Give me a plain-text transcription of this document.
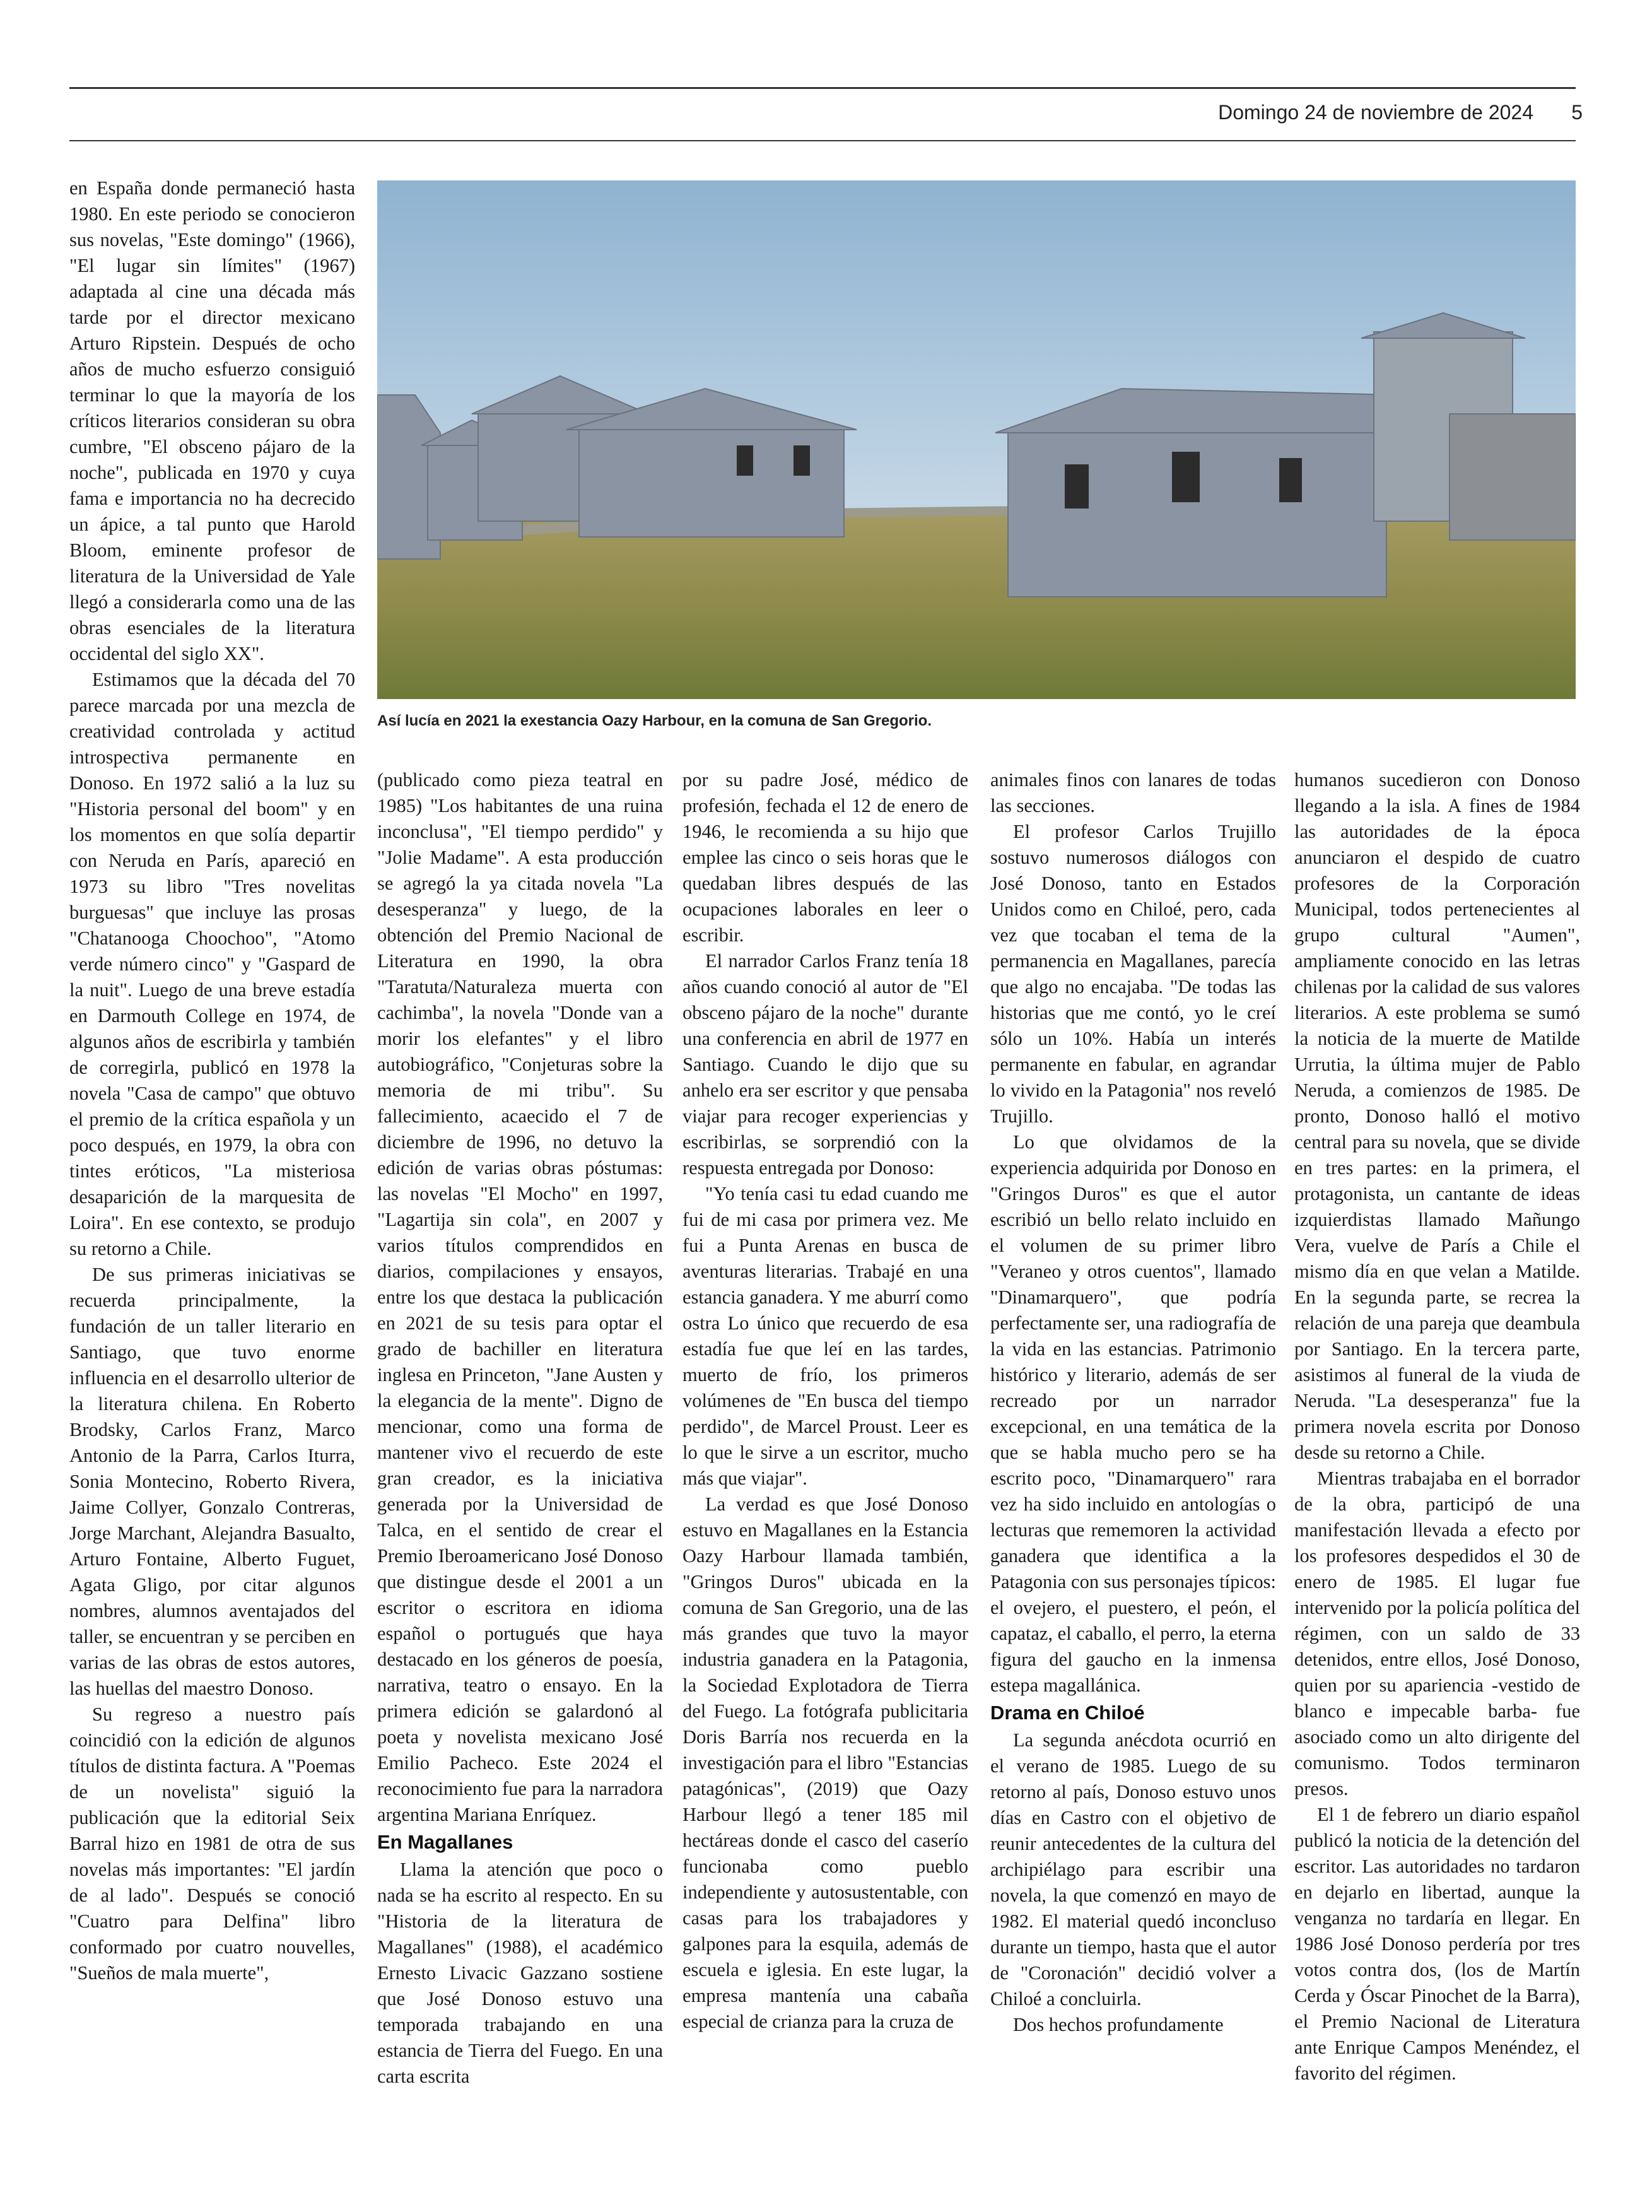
Domingo 24 de noviembre de 2024	5

en España donde permaneció hasta 1980. En este periodo se conocieron sus novelas, "Este domingo" (1966), "El lugar sin límites" (1967) adaptada al cine una década más tarde por el director mexicano Arturo Ripstein. Después de ocho años de mucho esfuerzo consiguió terminar lo que la mayoría de los críticos literarios consideran su obra cumbre, "El obsceno pájaro de la noche", publicada en 1970 y cuya fama e importancia no ha decrecido un ápice, a tal punto que Harold Bloom, eminente profesor de literatura de la Universidad de Yale llegó a considerarla como una de las obras esenciales de la literatura occidental del siglo XX".

Estimamos que la década del 70 parece marcada por una mezcla de creatividad controlada y actitud introspectiva permanente en Donoso. En 1972 salió a la luz su "Historia personal del boom" y en los momentos en que solía departir con Neruda en París, apareció en 1973 su libro "Tres novelitas burguesas" que incluye las prosas "Chatanooga Choochoo", "Atomo verde número cinco" y "Gaspard de la nuit". Luego de una breve estadía en Darmouth College en 1974, de algunos años de escribirla y también de corregirla, publicó en 1978 la novela "Casa de campo" que obtuvo el premio de la crítica española y un poco después, en 1979, la obra con tintes eróticos, "La misteriosa desaparición de la marquesita de Loira". En ese contexto, se produjo su retorno a Chile.

De sus primeras iniciativas se recuerda principalmente, la fundación de un taller literario en Santiago, que tuvo enorme influencia en el desarrollo ulterior de la literatura chilena. En Roberto Brodsky, Carlos Franz, Marco Antonio de la Parra, Carlos Iturra, Sonia Montecino, Roberto Rivera, Jaime Collyer, Gonzalo Contreras, Jorge Marchant, Alejandra Basualto, Arturo Fontaine, Alberto Fuguet, Agata Gligo, por citar algunos nombres, alumnos aventajados del taller, se encuentran y se perciben en varias de las obras de estos autores, las huellas del maestro Donoso.

Su regreso a nuestro país coincidió con la edición de algunos títulos de distinta factura. A "Poemas de un novelista" siguió la publicación que la editorial Seix Barral hizo en 1981 de otra de sus novelas más importantes: "El jardín de al lado". Después se conoció "Cuatro para Delfina" libro conformado por cuatro nouvelles, "Sueños de mala muerte",

Así lucía en 2021 la exestancia Oazy Harbour, en la comuna de San Gregorio.

(publicado como pieza teatral en 1985) "Los habitantes de una ruina inconclusa", "El tiempo perdido" y "Jolie Madame". A esta producción se agregó la ya citada novela "La desesperanza" y luego, de la obtención del Premio Nacional de Literatura en 1990, la obra "Taratuta/Naturaleza muerta con cachimba", la novela "Donde van a morir los elefantes" y el libro autobiográfico, "Conjeturas sobre la memoria de mi tribu". Su fallecimiento, acaecido el 7 de diciembre de 1996, no detuvo la edición de varias obras póstumas: las novelas "El Mocho" en 1997, "Lagartija sin cola", en 2007 y varios títulos comprendidos en diarios, compilaciones y ensayos, entre los que destaca la publicación en 2021 de su tesis para optar el grado de bachiller en literatura inglesa en Princeton, "Jane Austen y la elegancia de la mente". Digno de mencionar, como una forma de mantener vivo el recuerdo de este gran creador, es la iniciativa generada por la Universidad de Talca, en el sentido de crear el Premio Iberoamericano José Donoso que distingue desde el 2001 a un escritor o escritora en idioma español o portugués que haya destacado en los géneros de poesía, narrativa, teatro o ensayo. En la primera edición se galardonó al poeta y novelista mexicano José Emilio Pacheco. Este 2024 el reconocimiento fue para la narradora argentina Mariana Enríquez.

En Magallanes

Llama la atención que poco o nada se ha escrito al respecto. En su "Historia de la literatura de Magallanes" (1988), el académico Ernesto Livacic Gazzano sostiene que José Donoso estuvo una temporada trabajando en una estancia de Tierra del Fuego. En una carta escrita

por su padre José, médico de profesión, fechada el 12 de enero de 1946, le recomienda a su hijo que emplee las cinco o seis horas que le quedaban libres después de las ocupaciones laborales en leer o escribir.

El narrador Carlos Franz tenía 18 años cuando conoció al autor de "El obsceno pájaro de la noche" durante una conferencia en abril de 1977 en Santiago. Cuando le dijo que su anhelo era ser escritor y que pensaba viajar para recoger experiencias y escribirlas, se sorprendió con la respuesta entregada por Donoso:

"Yo tenía casi tu edad cuando me fui de mi casa por primera vez. Me fui a Punta Arenas en busca de aventuras literarias. Trabajé en una estancia ganadera. Y me aburrí como ostra Lo único que recuerdo de esa estadía fue que leí en las tardes, muerto de frío, los primeros volúmenes de "En busca del tiempo perdido", de Marcel Proust. Leer es lo que le sirve a un escritor, mucho más que viajar".

La verdad es que José Donoso estuvo en Magallanes en la Estancia Oazy Harbour llamada también, "Gringos Duros" ubicada en la comuna de San Gregorio, una de las más grandes que tuvo la mayor industria ganadera en la Patagonia, la Sociedad Explotadora de Tierra del Fuego. La fotógrafa publicitaria Doris Barría nos recuerda en la investigación para el libro "Estancias patagónicas", (2019) que Oazy Harbour llegó a tener 185 mil hectáreas donde el casco del caserío funcionaba como pueblo independiente y autosustentable, con casas para los trabajadores y galpones para la esquila, además de escuela e iglesia. En este lugar, la empresa mantenía una cabaña especial de crianza para la cruza de

animales finos con lanares de todas las secciones.

El profesor Carlos Trujillo sostuvo numerosos diálogos con José Donoso, tanto en Estados Unidos como en Chiloé, pero, cada vez que tocaban el tema de la permanencia en Magallanes, parecía que algo no encajaba. "De todas las historias que me contó, yo le creí sólo un 10%. Había un interés permanente en fabular, en agrandar lo vivido en la Patagonia" nos reveló Trujillo.

Lo que olvidamos de la experiencia adquirida por Donoso en "Gringos Duros" es que el autor escribió un bello relato incluido en el volumen de su primer libro "Veraneo y otros cuentos", llamado "Dinamarquero", que podría perfectamente ser, una radiografía de la vida en las estancias. Patrimonio histórico y literario, además de ser recreado por un narrador excepcional, en una temática de la que se habla mucho pero se ha escrito poco, "Dinamarquero" rara vez ha sido incluido en antologías o lecturas que rememoren la actividad ganadera que identifica a la Patagonia con sus personajes típicos: el ovejero, el puestero, el peón, el capataz, el caballo, el perro, la eterna figura del gaucho en la inmensa estepa magallánica.

Drama en Chiloé

La segunda anécdota ocurrió en el verano de 1985. Luego de su retorno al país, Donoso estuvo unos días en Castro con el objetivo de reunir antecedentes de la cultura del archipiélago para escribir una novela, la que comenzó en mayo de 1982. El material quedó inconcluso durante un tiempo, hasta que el autor de "Coronación" decidió volver a Chiloé a concluirla.

Dos hechos profundamente

humanos sucedieron con Donoso llegando a la isla. A fines de 1984 las autoridades de la época anunciaron el despido de cuatro profesores de la Corporación Municipal, todos pertenecientes al grupo cultural "Aumen", ampliamente conocido en las letras chilenas por la calidad de sus valores literarios. A este problema se sumó la noticia de la muerte de Matilde Urrutia, la última mujer de Pablo Neruda, a comienzos de 1985. De pronto, Donoso halló el motivo central para su novela, que se divide en tres partes: en la primera, el protagonista, un cantante de ideas izquierdistas llamado Mañungo Vera, vuelve de París a Chile el mismo día en que velan a Matilde. En la segunda parte, se recrea la relación de una pareja que deambula por Santiago. En la tercera parte, asistimos al funeral de la viuda de Neruda. "La desesperanza" fue la primera novela escrita por Donoso desde su retorno a Chile.

Mientras trabajaba en el borrador de la obra, participó de una manifestación llevada a efecto por los profesores despedidos el 30 de enero de 1985. El lugar fue intervenido por la policía política del régimen, con un saldo de 33 detenidos, entre ellos, José Donoso, quien por su apariencia -vestido de blanco e impecable barba- fue asociado como un alto dirigente del comunismo. Todos terminaron presos.

El 1 de febrero un diario español publicó la noticia de la detención del escritor. Las autoridades no tardaron en dejarlo en libertad, aunque la venganza no tardaría en llegar. En 1986 José Donoso perdería por tres votos contra dos, (los de Martín Cerda y Óscar Pinochet de la Barra), el Premio Nacional de Literatura ante Enrique Campos Menéndez, el favorito del régimen.
